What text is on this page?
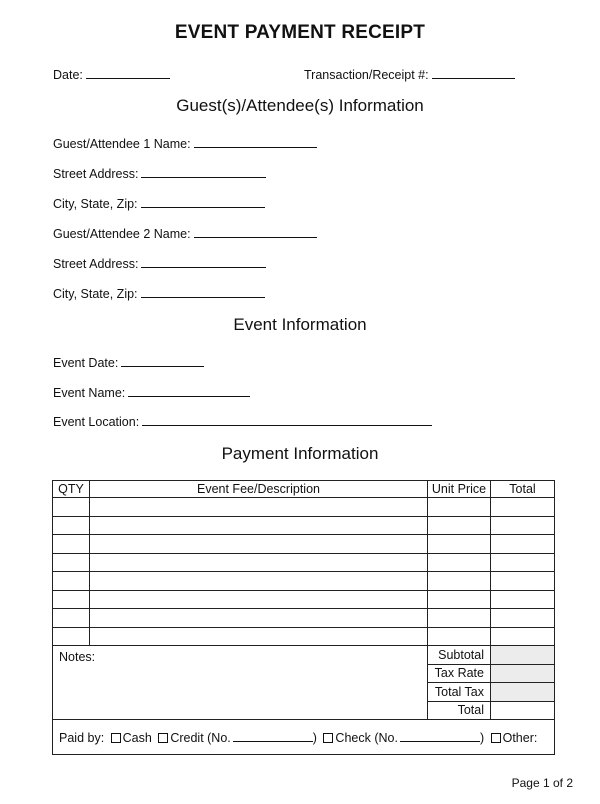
EVENT PAYMENT RECEIPT
Date:	Transaction/Receipt #:
Guest(s)/Attendee(s) Information
Guest/Attendee 1 Name:
Street Address:
City, State, Zip:
Guest/Attendee 2 Name:
Street Address:
City, State, Zip:
Event Information
Event Date:
Event Name:
Event Location:
Payment Information
QTY	Event Fee/Description	Unit Price	Total

Notes:		Subtotal	
		Tax Rate	
		Total Tax	
		Total	
Paid by: Cash Credit (No. ) Check (No. ) Other:			
Page 1 of 2
